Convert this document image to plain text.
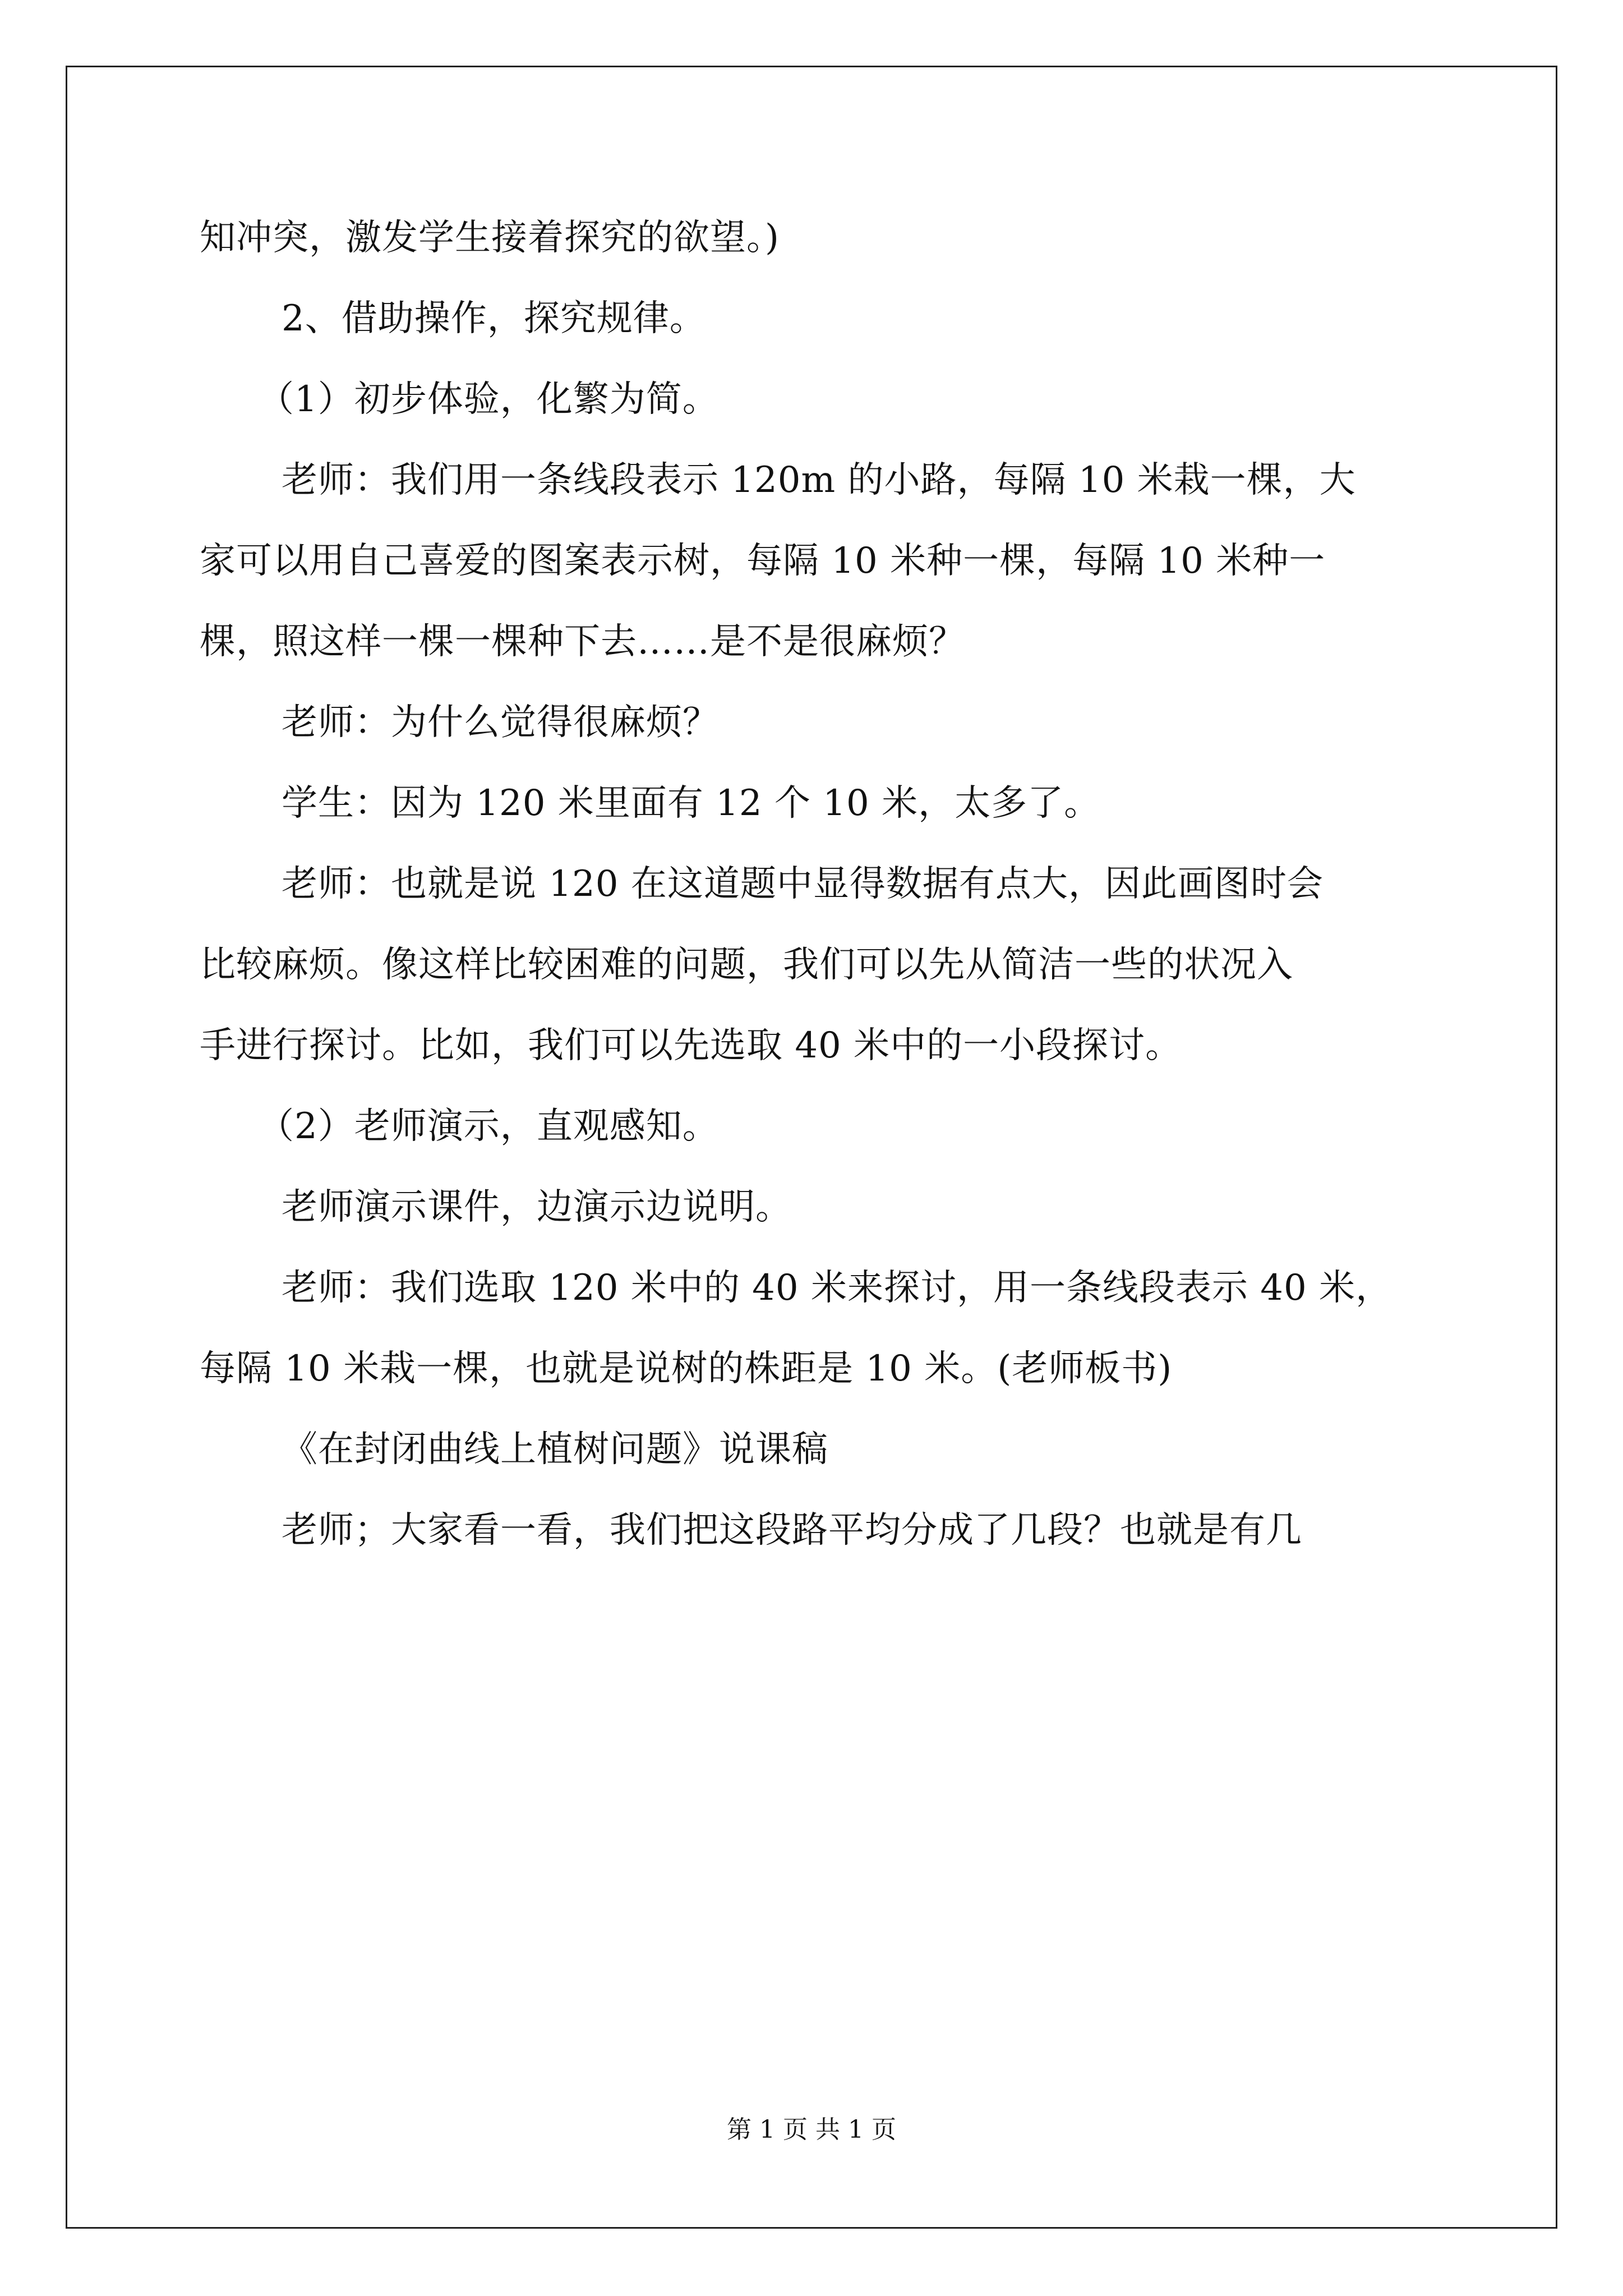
知冲突，激发学生接着探究的欲望。)
2、借助操作，探究规律。
（1）初步体验，化繁为简。
老师：我们用一条线段表示 120m 的小路，每隔 10 米栽一棵，大
家可以用自己喜爱的图案表示树，每隔 10 米种一棵，每隔 10 米种一
棵，照这样一棵一棵种下去……是不是很麻烦？
老师：为什么觉得很麻烦？
学生：因为 120 米里面有 12 个 10 米，太多了。
老师：也就是说 120 在这道题中显得数据有点大，因此画图时会
比较麻烦。像这样比较困难的问题，我们可以先从简洁一些的状况入
手进行探讨。比如，我们可以先选取 40 米中的一小段探讨。
（2）老师演示，直观感知。
老师演示课件，边演示边说明。
老师：我们选取 120 米中的 40 米来探讨，用一条线段表示 40 米，
每隔 10 米栽一棵，也就是说树的株距是 10 米。(老师板书)
《在封闭曲线上植树问题》说课稿
老师；大家看一看，我们把这段路平均分成了几段？也就是有几
第 1 页 共 1 页
